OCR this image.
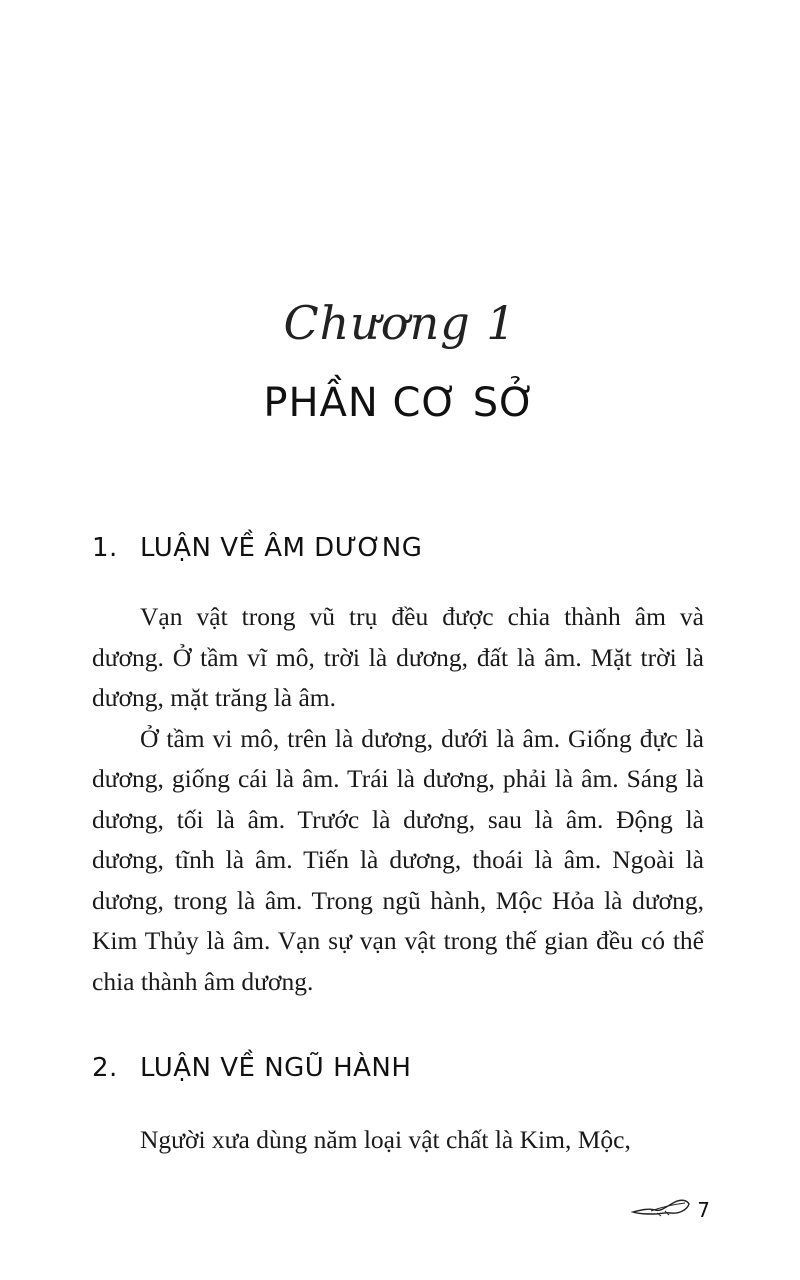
Chương 1
PHẦN CƠ SỞ
1. LUẬN VỀ ÂM DƯƠNG

Vạn vật trong vũ trụ đều được chia thành âm và dương. Ở tầm vĩ mô, trời là dương, đất là âm. Mặt trời là dương, mặt trăng là âm.

Ở tầm vi mô, trên là dương, dưới là âm. Giống đực là dương, giống cái là âm. Trái là dương, phải là âm. Sáng là dương, tối là âm. Trước là dương, sau là âm. Động là dương, tĩnh là âm. Tiến là dương, thoái là âm. Ngoài là dương, trong là âm. Trong ngũ hành, Mộc Hỏa là dương, Kim Thủy là âm. Vạn sự vạn vật trong thế gian đều có thể chia thành âm dương.

2. LUẬN VỀ NGŨ HÀNH

Người xưa dùng năm loại vật chất là Kim, Mộc,

7
